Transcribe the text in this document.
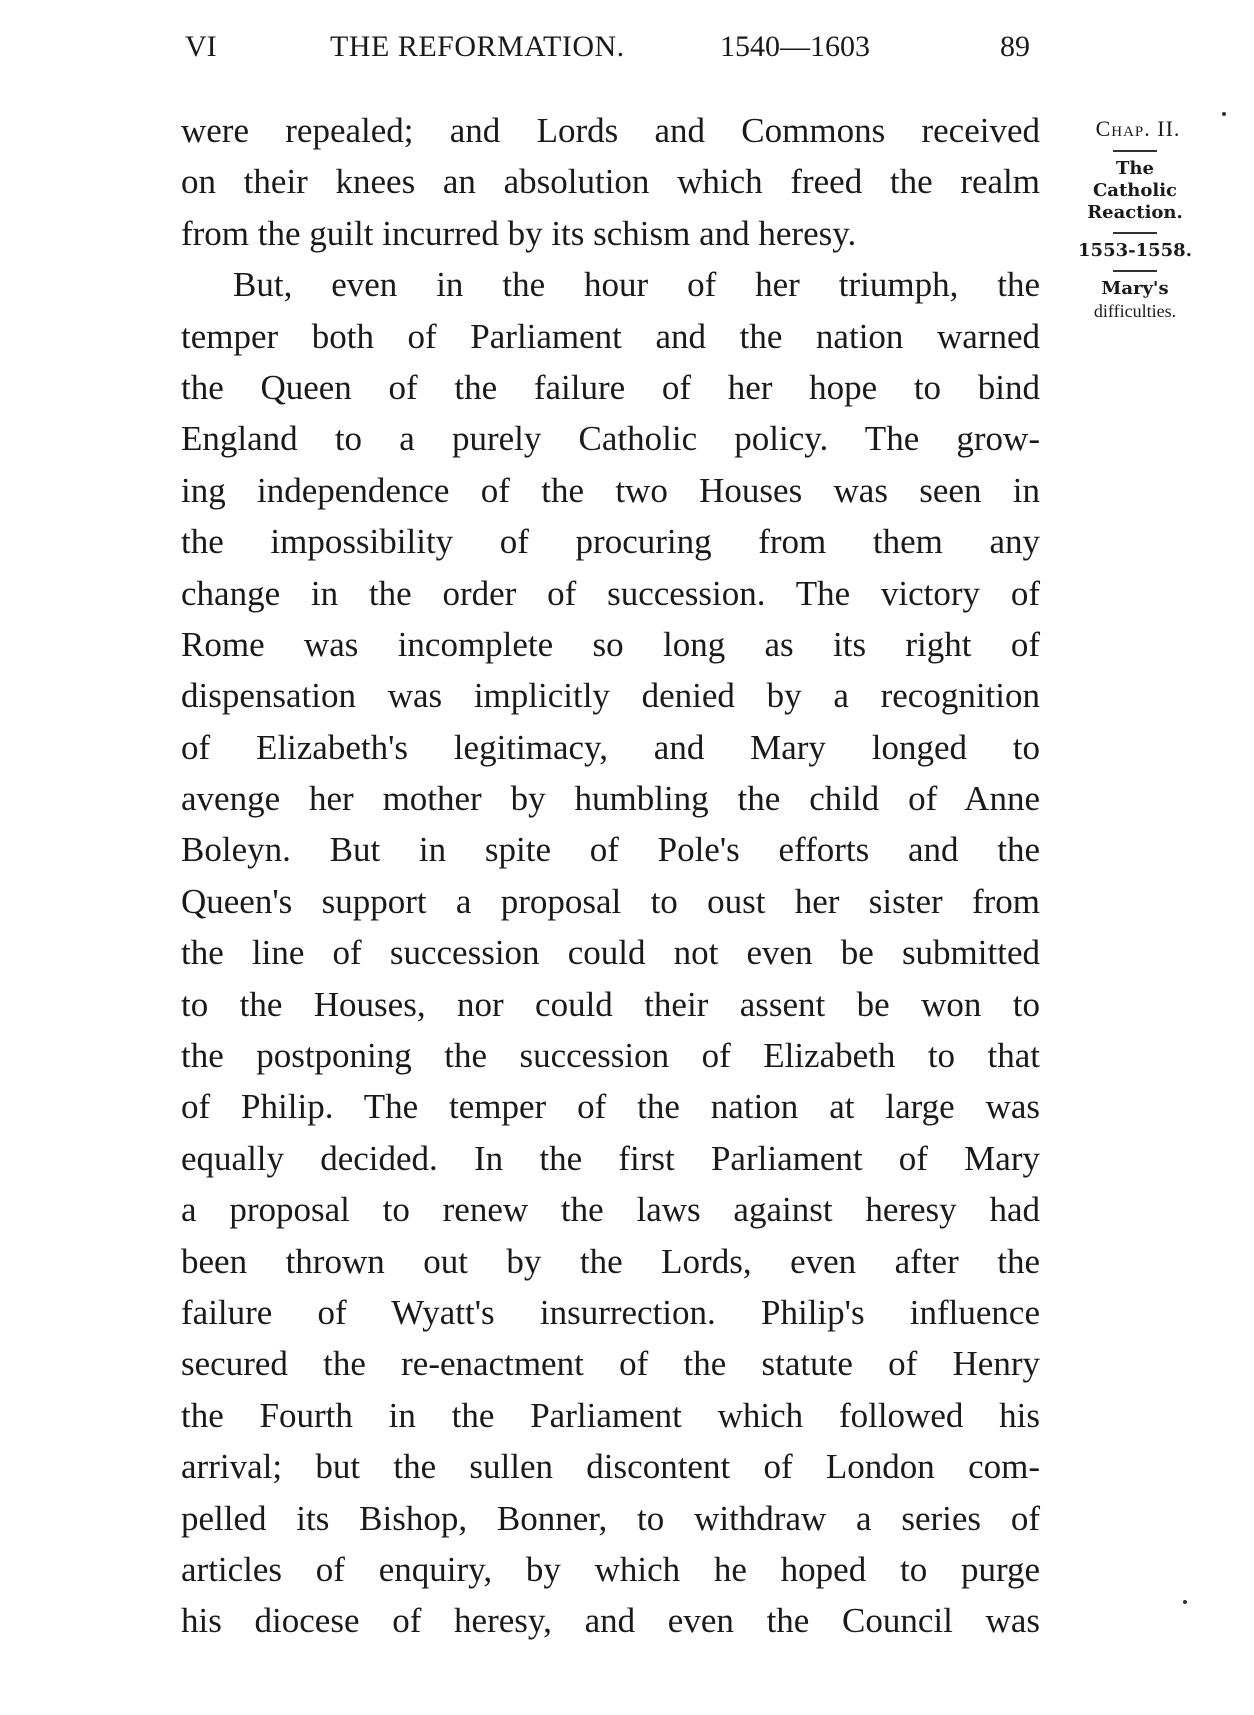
VI	THE REFORMATION.	1540—1603	89
were repealed; and Lords and Commons received
on their knees an absolution which freed the realm
from the guilt incurred by its schism and heresy.
But, even in the hour of her triumph, the
temper both of Parliament and the nation warned
the Queen of the failure of her hope to bind
England to a purely Catholic policy. The grow-
ing independence of the two Houses was seen in
the impossibility of procuring from them any
change in the order of succession. The victory of
Rome was incomplete so long as its right of
dispensation was implicitly denied by a recognition
of Elizabeth's legitimacy, and Mary longed to
avenge her mother by humbling the child of Anne
Boleyn. But in spite of Pole's efforts and the
Queen's support a proposal to oust her sister from
the line of succession could not even be submitted
to the Houses, nor could their assent be won to
the postponing the succession of Elizabeth to that
of Philip. The temper of the nation at large was
equally decided. In the first Parliament of Mary
a proposal to renew the laws against heresy had
been thrown out by the Lords, even after the
failure of Wyatt's insurrection. Philip's influence
secured the re-enactment of the statute of Henry
the Fourth in the Parliament which followed his
arrival; but the sullen discontent of London com-
pelled its Bishop, Bonner, to withdraw a series of
articles of enquiry, by which he hoped to purge
his diocese of heresy, and even the Council was
Chap. II.
The
Catholic
Reaction.
1553-1558.
Mary's
difficulties.
